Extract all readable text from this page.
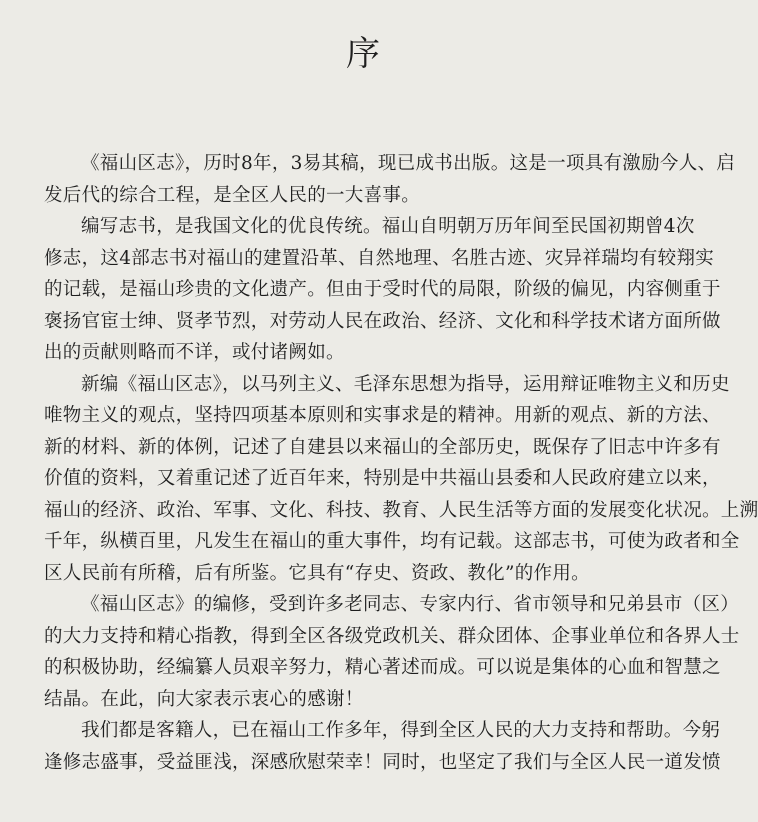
序

《福山区志》，历时8年，3易其稿，现已成书出版。这是一项具有激励今人、启

发后代的综合工程，是全区人民的一大喜事。

编写志书，是我国文化的优良传统。福山自明朝万历年间至民国初期曾4次

修志，这4部志书对福山的建置沿革、自然地理、名胜古迹、灾异祥瑞均有较翔实

的记载，是福山珍贵的文化遗产。但由于受时代的局限，阶级的偏见，内容侧重于

褒扬官宦士绅、贤孝节烈，对劳动人民在政治、经济、文化和科学技术诸方面所做

出的贡献则略而不详，或付诸阙如。

新编《福山区志》，以马列主义、毛泽东思想为指导，运用辩证唯物主义和历史

唯物主义的观点，坚持四项基本原则和实事求是的精神。用新的观点、新的方法、

新的材料、新的体例，记述了自建县以来福山的全部历史，既保存了旧志中许多有

价值的资料，又着重记述了近百年来，特别是中共福山县委和人民政府建立以来，

福山的经济、政治、军事、文化、科技、教育、人民生活等方面的发展变化状况。上溯

千年，纵横百里，凡发生在福山的重大事件，均有记载。这部志书，可使为政者和全

区人民前有所稽，后有所鉴。它具有“存史、资政、教化”的作用。

《福山区志》的编修，受到许多老同志、专家内行、省市领导和兄弟县市（区）

的大力支持和精心指教，得到全区各级党政机关、群众团体、企事业单位和各界人士

的积极协助，经编纂人员艰辛努力，精心著述而成。可以说是集体的心血和智慧之

结晶。在此，向大家表示衷心的感谢！

我们都是客籍人，已在福山工作多年，得到全区人民的大力支持和帮助。今躬

逢修志盛事，受益匪浅，深感欣慰荣幸！同时，也坚定了我们与全区人民一道发愤
